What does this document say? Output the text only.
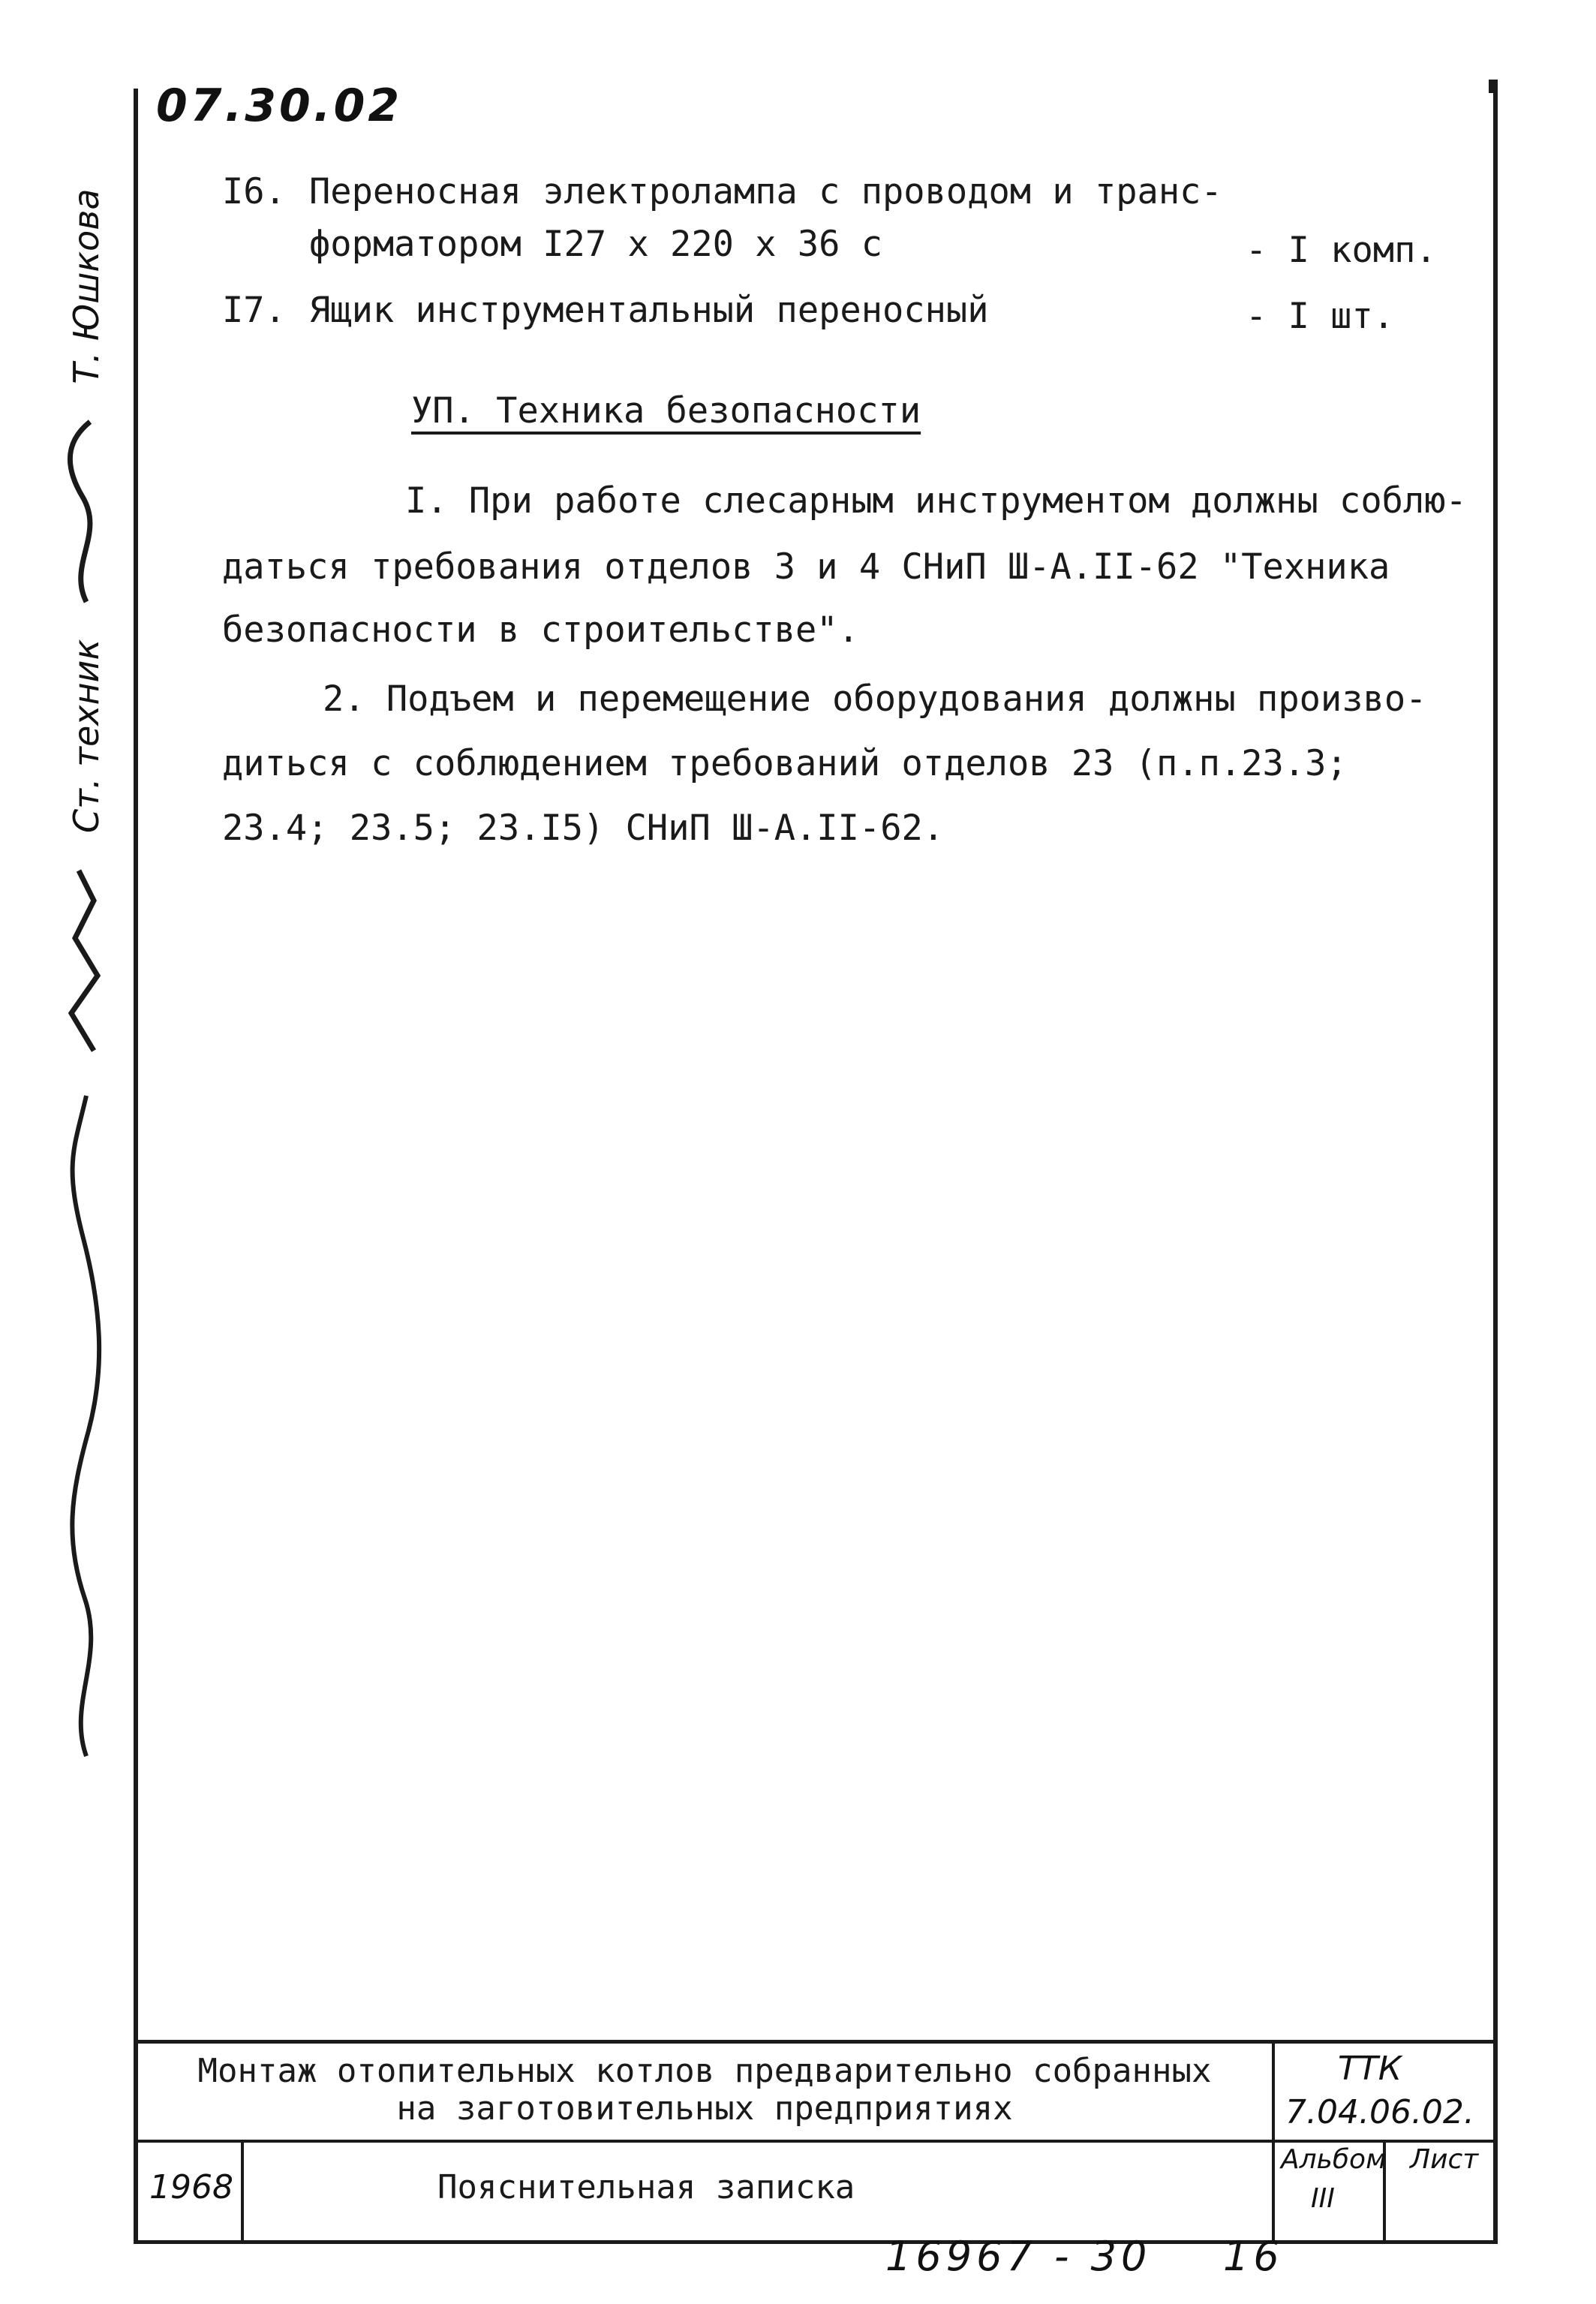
07.30.02
Ст. техник
Т. Юшкова	I6. Переносная электролампа с проводом и транс-
форматором I27 x 220 x 36 с	- I комп.
I7. Ящик инструментальный переносный	- I шт.
УП. Техника безопасности
I. При работе слесарным инструментом должны соблю-
даться требования отделов 3 и 4 СНиП Ш-А.II-62 "Техника
безопасности в строительстве".
2. Подъем и перемещение оборудования должны произво-
диться с соблюдением требований отделов 23 (п.п.23.3;
23.4; 23.5; 23.I5) СНиП Ш-А.II-62.
Монтаж отопительных котлов предварительно собранных
на заготовительных предприятиях
ТТК
7.04.06.02.
1968	Пояснительная записка
Альбом
III
Лист
16967 - 30 16
